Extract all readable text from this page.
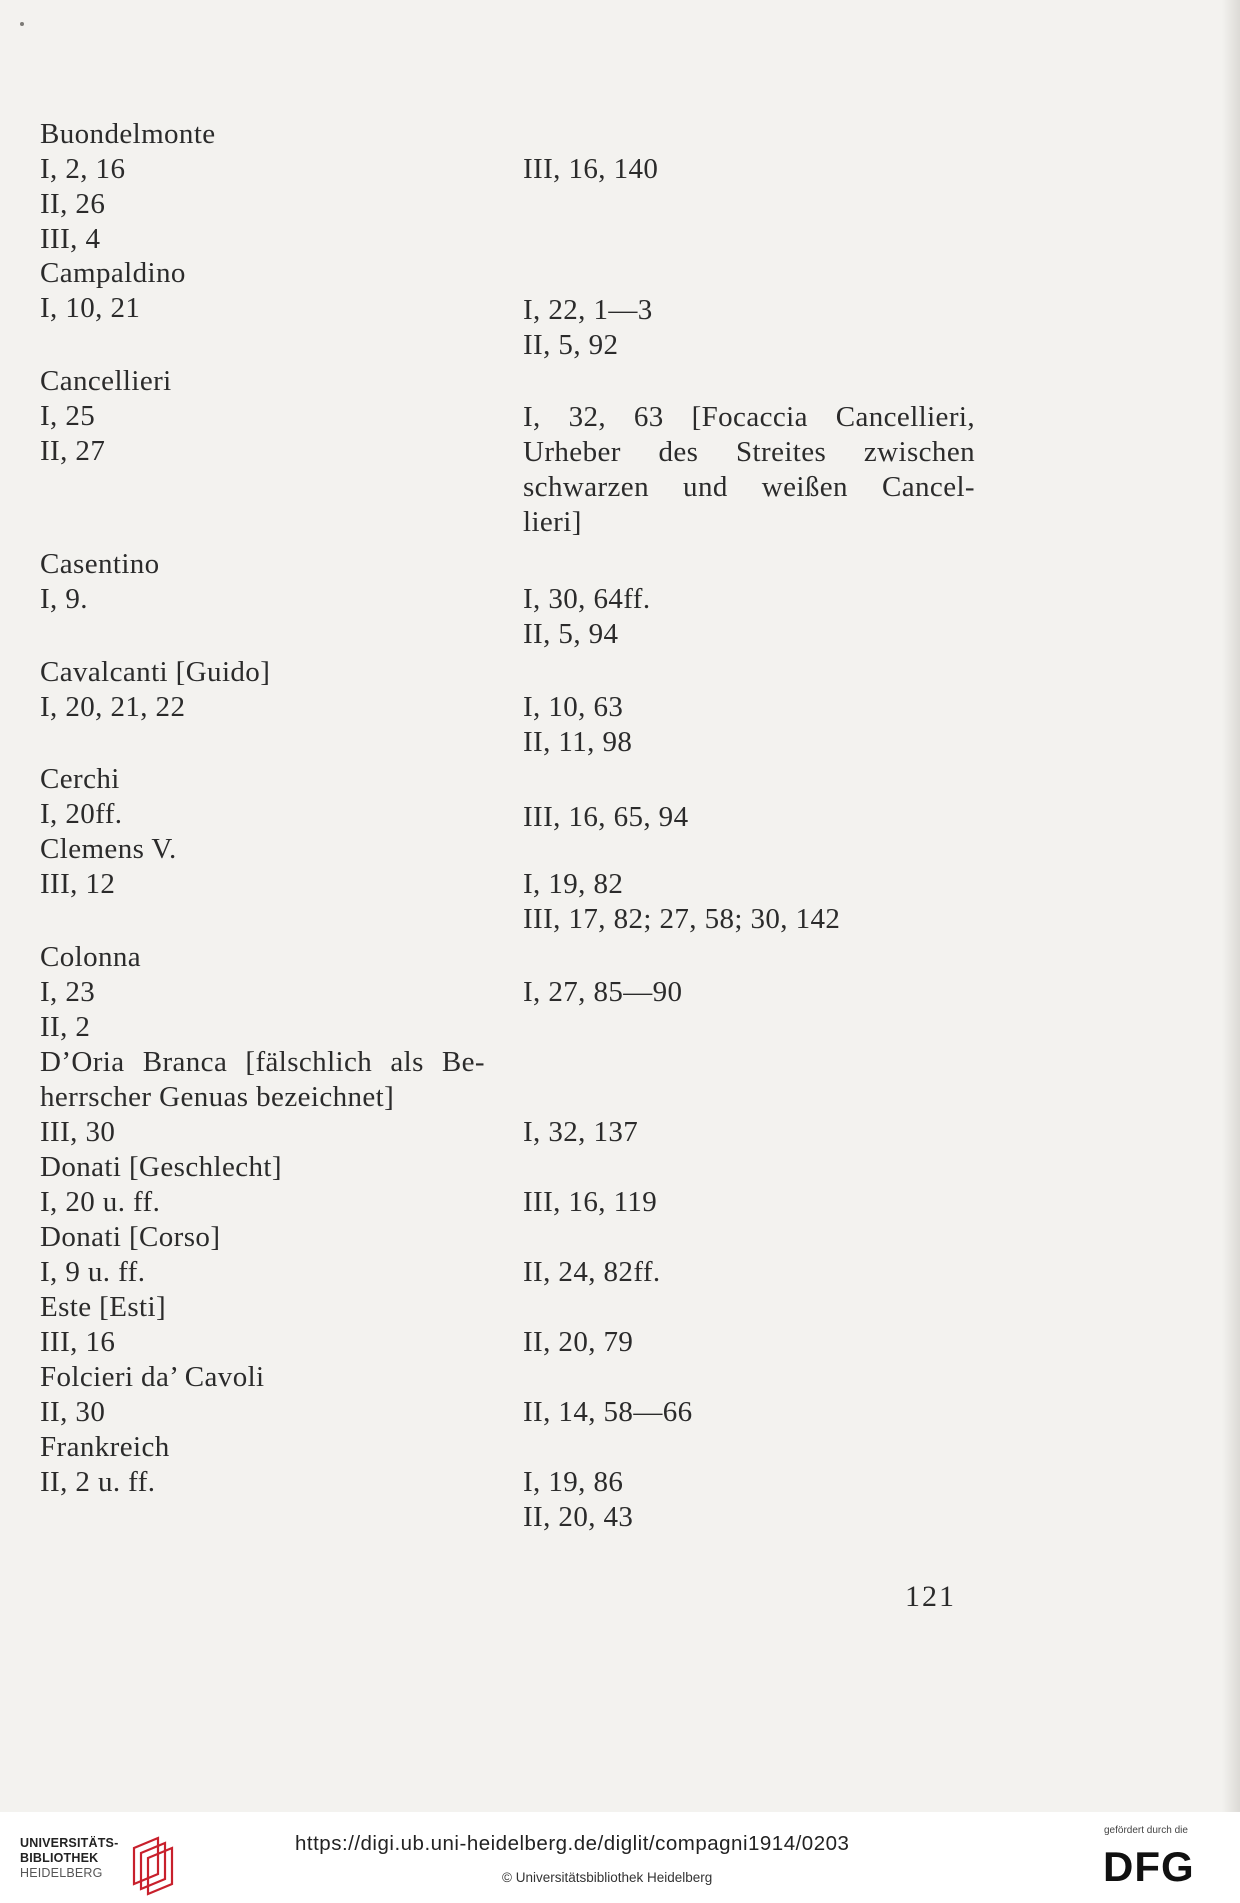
Buondelmonte
I, 2, 16
II, 26
III, 4
Campaldino
I, 10, 21
Cancellieri
I, 25
II, 27
Casentino
I, 9.
Cavalcanti [Guido]
I, 20, 21, 22
Cerchi
I, 20ff.
Clemens V.
III, 12
Colonna
I, 23
II, 2
D’Oria Branca [fälschlich als Be-
herrscher Genuas bezeichnet]
III, 30
Donati [Geschlecht]
I, 20 u. ff.
Donati [Corso]
I, 9 u. ff.
Este [Esti]
III, 16
Folcieri da’ Cavoli
II, 30
Frankreich
II, 2 u. ff.
III, 16, 140
I, 22, 1—3
II, 5, 92
I, 32, 63 [Focaccia Cancellieri,
Urheber des Streites zwischen
schwarzen und weißen Cancel-
lieri]
I, 30, 64ff.
II, 5, 94
I, 10, 63
II, 11, 98
III, 16, 65, 94
I, 19, 82
III, 17, 82; 27, 58; 30, 142
I, 27, 85—90
I, 32, 137
III, 16, 119
II, 24, 82ff.
II, 20, 79
II, 14, 58—66
I, 19, 86
II, 20, 43
121
UNIVERSITÄTS-
BIBLIOTHEK
HEIDELBERG
https://digi.ub.uni-heidelberg.de/diglit/compagni1914/0203
© Universitätsbibliothek Heidelberg
gefördert durch die
DFG
